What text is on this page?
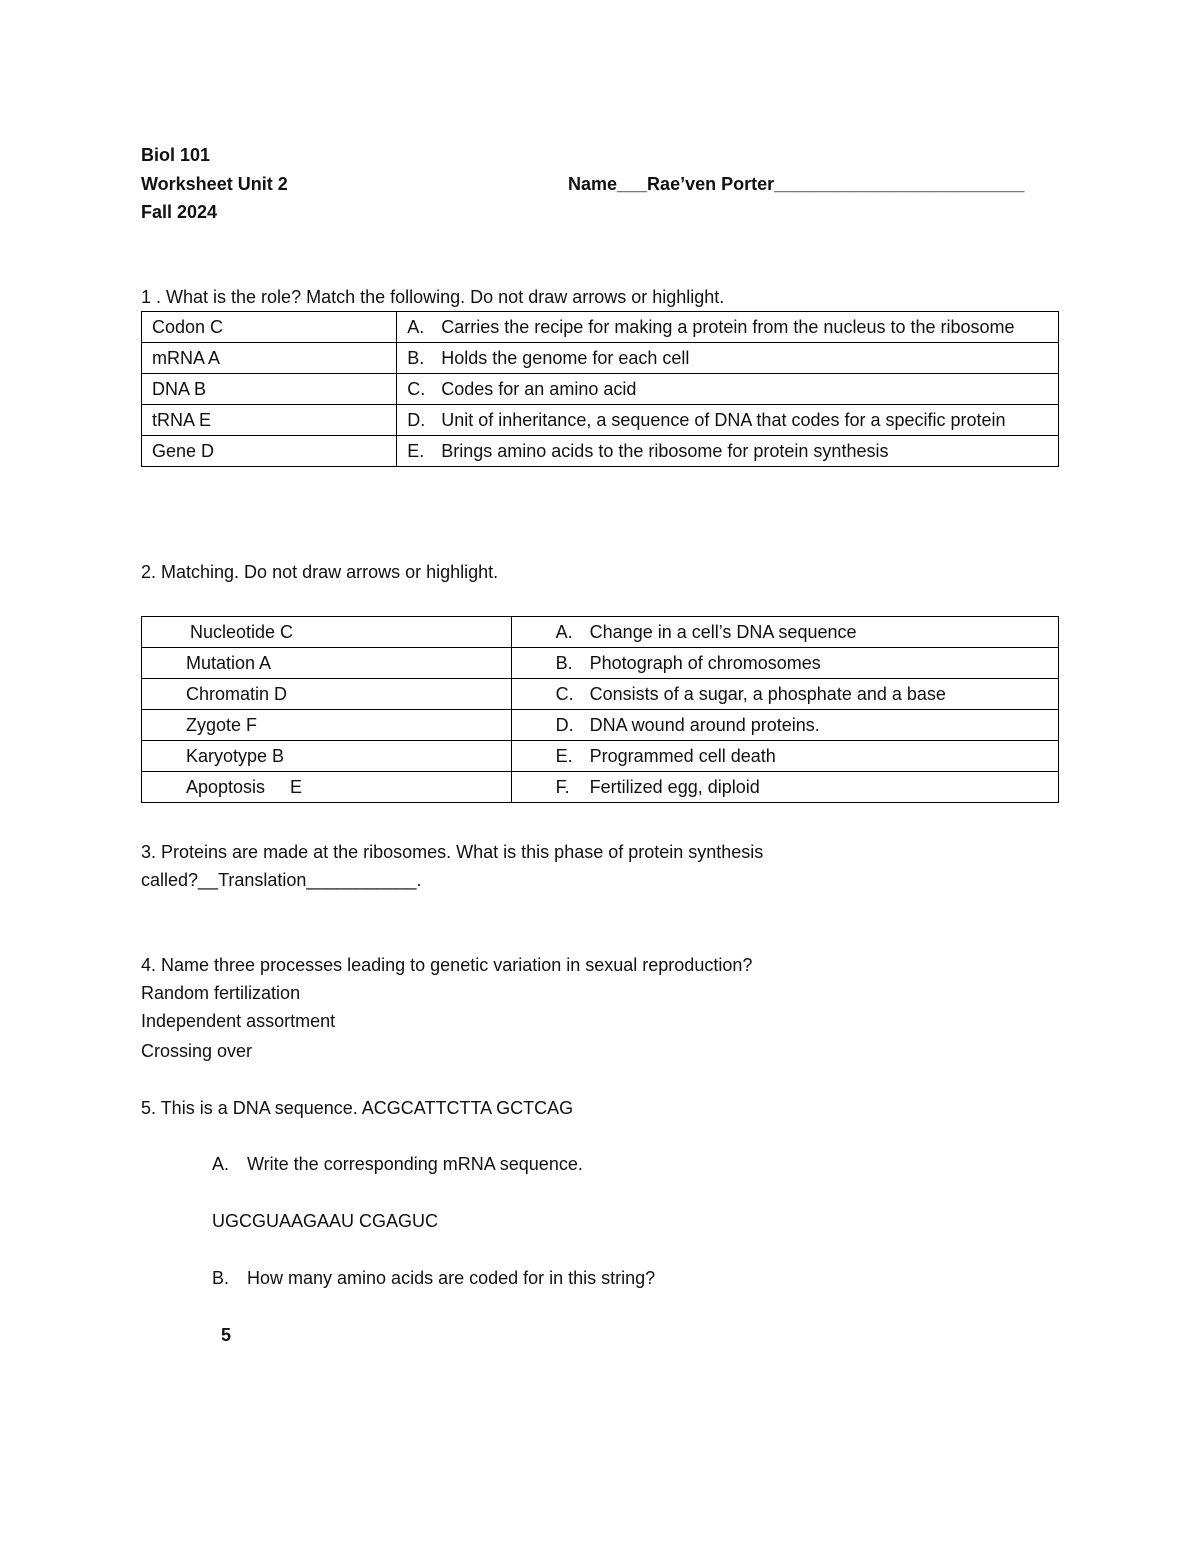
Biol 101
Worksheet Unit 2
Fall 2024
Name___Rae’ven Porter_________________________
1 . What is the role? Match the following. Do not draw arrows or highlight.
Codon C	A. Carries the recipe for making a protein from the nucleus to the ribosome
mRNA A	B. Holds the genome for each cell
DNA B	C. Codes for an amino acid
tRNA E	D. Unit of inheritance, a sequence of DNA that codes for a specific protein
Gene D	E. Brings amino acids to the ribosome for protein synthesis
2. Matching. Do not draw arrows or highlight.
Nucleotide C	A. Change in a cell’s DNA sequence
Mutation A	B. Photograph of chromosomes
Chromatin D	C. Consists of a sugar, a phosphate and a base
Zygote F	D. DNA wound around proteins.
Karyotype B	E. Programmed cell death
Apoptosis     E	F. Fertilized egg, diploid
3. Proteins are made at the ribosomes. What is this phase of protein synthesis
called?__Translation___________.
4. Name three processes leading to genetic variation in sexual reproduction?
Random fertilization
Independent assortment
Crossing over
5. This is a DNA sequence. ACGCATTCTTA GCTCAG
A. Write the corresponding mRNA sequence.
UGCGUAAGAAU CGAGUC
B. How many amino acids are coded for in this string?
5
